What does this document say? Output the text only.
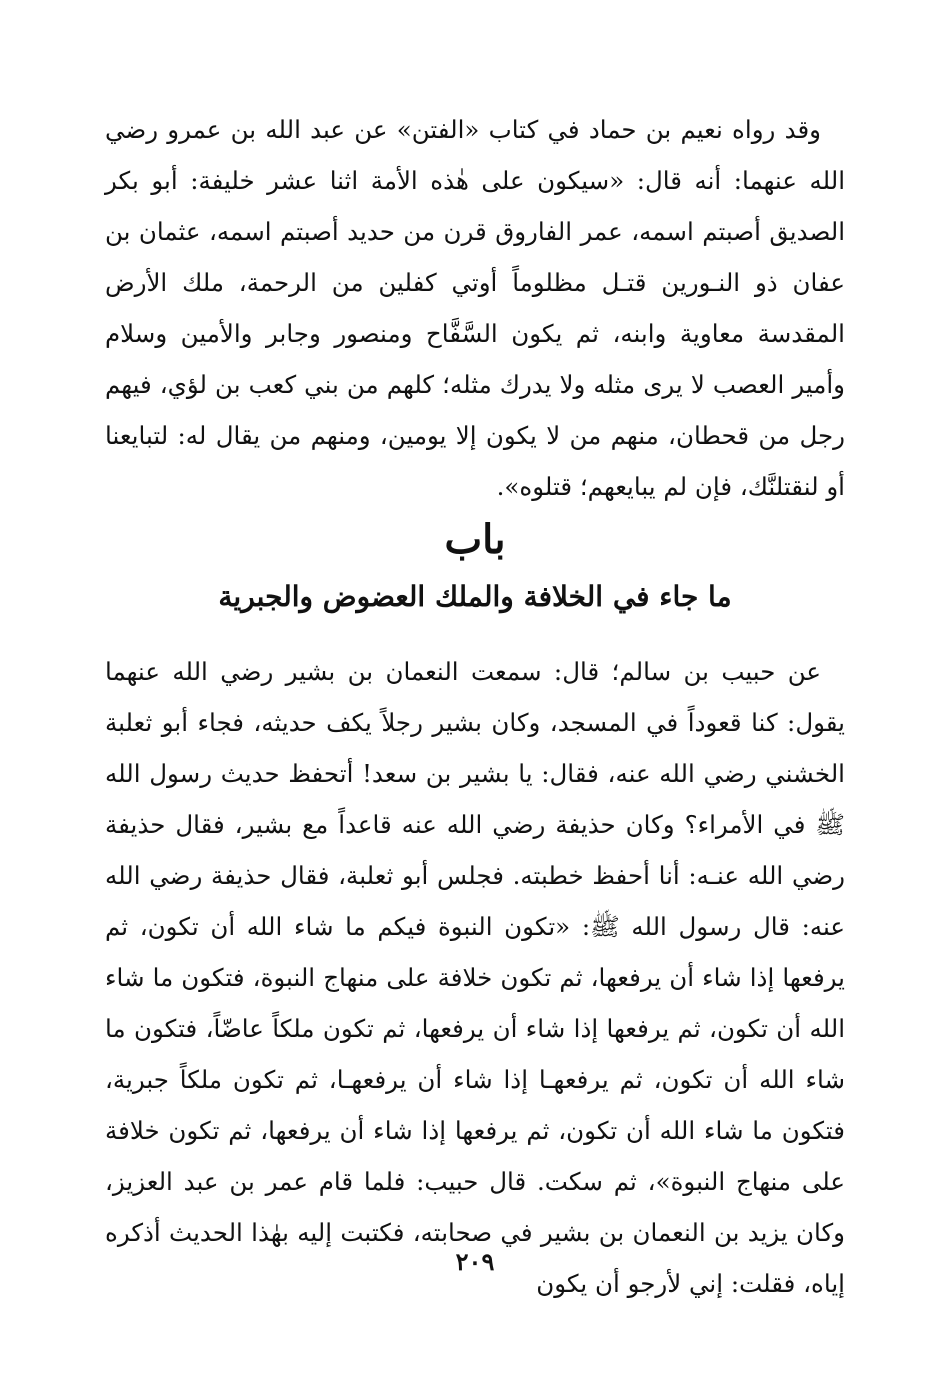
وقد رواه نعيم بن حماد في كتاب «الفتن» عن عبد الله بن عمرو رضي الله عنهما: أنه قال: «سيكون على هٰذه الأمة اثنا عشر خليفة: أبو بكر الصديق أصبتم اسمه، عمر الفاروق قرن من حديد أصبتم اسمه، عثمان بن عفان ذو النـورين قتـل مظلوماً أوتي كفلين من الرحمة، ملك الأرض المقدسة معاوية وابنه، ثم يكون السَّفَّاح ومنصور وجابر والأمين وسلام وأمير العصب لا يرى مثله ولا يدرك مثله؛ كلهم من بني كعب بن لؤي، فيهم رجل من قحطان، منهم من لا يكون إلا يومين، ومنهم من يقال له: لتبايعنا أو لنقتلنَّك، فإن لم يبايعهم؛ قتلوه».

باب
ما جاء في الخلافة والملك العضوض والجبرية

عن حبيب بن سالم؛ قال: سمعت النعمان بن بشير رضي الله عنهما يقول: كنا قعوداً في المسجد، وكان بشير رجلاً يكف حديثه، فجاء أبو ثعلبة الخشني رضي الله عنه، فقال: يا بشير بن سعد! أتحفظ حديث رسول الله ﷺ في الأمراء؟ وكان حذيفة رضي الله عنه قاعداً مع بشير، فقال حذيفة رضي الله عنـه: أنا أحفظ خطبته. فجلس أبو ثعلبة، فقال حذيفة رضي الله عنه: قال رسول الله ﷺ: «تكون النبوة فيكم ما شاء الله أن تكون، ثم يرفعها إذا شاء أن يرفعها، ثم تكون خلافة على منهاج النبوة، فتكون ما شاء الله أن تكون، ثم يرفعها إذا شاء أن يرفعها، ثم تكون ملكاً عاضّاً، فتكون ما شاء الله أن تكون، ثم يرفعهـا إذا شاء أن يرفعهـا، ثم تكون ملكاً جبرية، فتكون ما شاء الله أن تكون، ثم يرفعها إذا شاء أن يرفعها، ثم تكون خلافة على منهاج النبوة»، ثم سكت. قال حبيب: فلما قام عمر بن عبد العزيز، وكان يزيد بن النعمان بن بشير في صحابته، فكتبت إليه بهٰذا الحديث أذكره إياه، فقلت: إني لأرجو أن يكون

٢٠٩
